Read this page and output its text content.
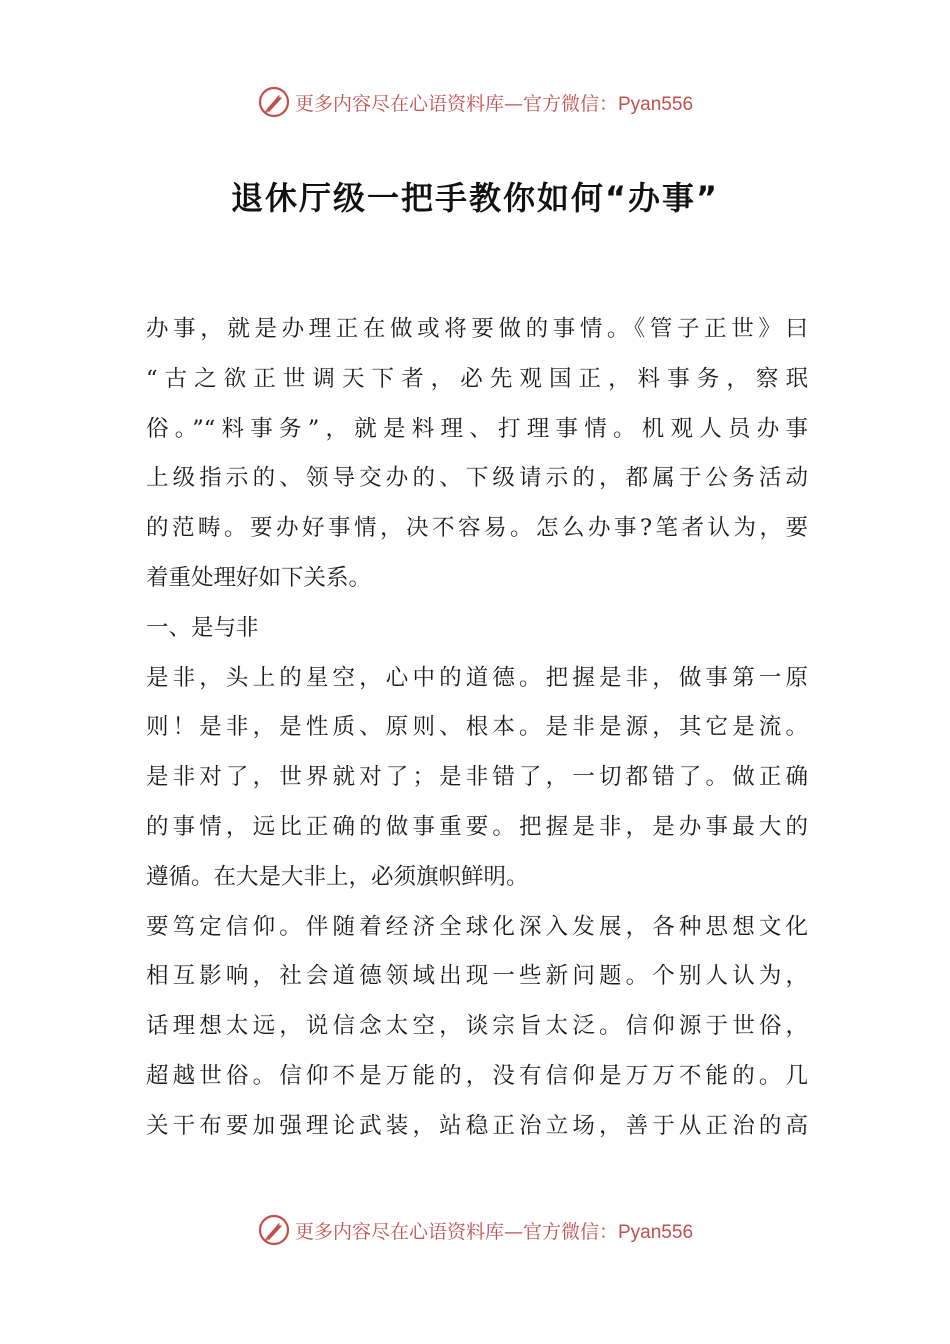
更多内容尽在心语资料库—官方微信：Pyan556
退休厅级一把手教你如何“办事”
办事，就是办理正在做或将要做的事情。《管子正世》曰
“古之欲正世调天下者，必先观国正，料事务，察珉
俗。”“料事务”，就是料理、打理事情。机观人员办事
上级指示的、领导交办的、下级请示的，都属于公务活动
的范畴。要办好事情，决不容易。怎么办事?笔者认为，要
着重处理好如下关系。
一、是与非
是非，头上的星空，心中的道德。把握是非，做事第一原
则！是非，是性质、原则、根本。是非是源，其它是流。
是非对了，世界就对了；是非错了，一切都错了。做正确
的事情，远比正确的做事重要。把握是非，是办事最大的
遵循。在大是大非上，必须旗帜鲜明。
要笃定信仰。伴随着经济全球化深入发展，各种思想文化
相互影响，社会道德领域出现一些新问题。个别人认为，
话理想太远，说信念太空，谈宗旨太泛。信仰源于世俗，
超越世俗。信仰不是万能的，没有信仰是万万不能的。几
关干布要加强理论武装，站稳正治立场，善于从正治的高
更多内容尽在心语资料库—官方微信：Pyan556
